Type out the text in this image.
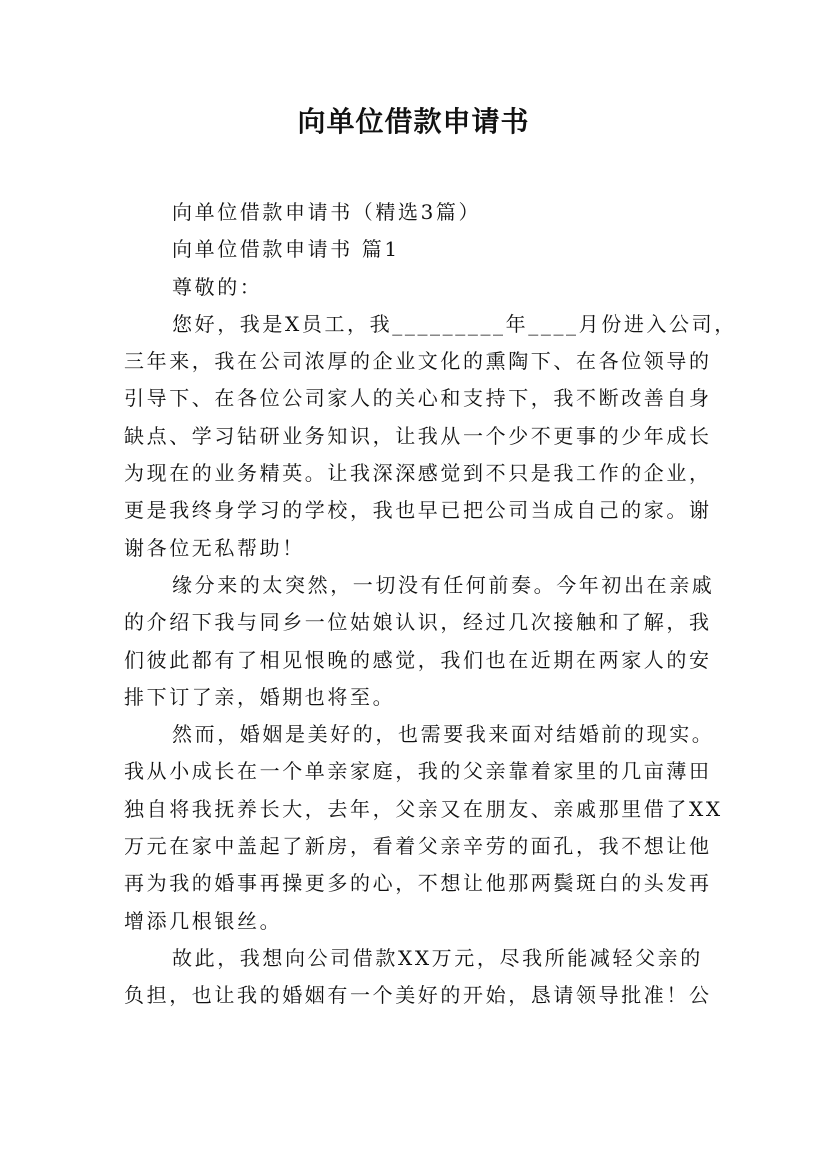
向单位借款申请书
向单位借款申请书（精选3篇）
向单位借款申请书 篇1
尊敬的：
您好，我是X员工，我_________年____月份进入公司，
三年来，我在公司浓厚的企业文化的熏陶下、在各位领导的
引导下、在各位公司家人的关心和支持下，我不断改善自身
缺点、学习钻研业务知识，让我从一个少不更事的少年成长
为现在的业务精英。让我深深感觉到不只是我工作的企业，
更是我终身学习的学校，我也早已把公司当成自己的家。谢
谢各位无私帮助！
缘分来的太突然，一切没有任何前奏。今年初出在亲戚
的介绍下我与同乡一位姑娘认识，经过几次接触和了解，我
们彼此都有了相见恨晚的感觉，我们也在近期在两家人的安
排下订了亲，婚期也将至。
然而，婚姻是美好的，也需要我来面对结婚前的现实。
我从小成长在一个单亲家庭，我的父亲靠着家里的几亩薄田
独自将我抚养长大，去年，父亲又在朋友、亲戚那里借了XX
万元在家中盖起了新房，看着父亲辛劳的面孔，我不想让他
再为我的婚事再操更多的心，不想让他那两鬓斑白的头发再
增添几根银丝。
故此，我想向公司借款XX万元，尽我所能减轻父亲的
负担，也让我的婚姻有一个美好的开始，恳请领导批准！公
